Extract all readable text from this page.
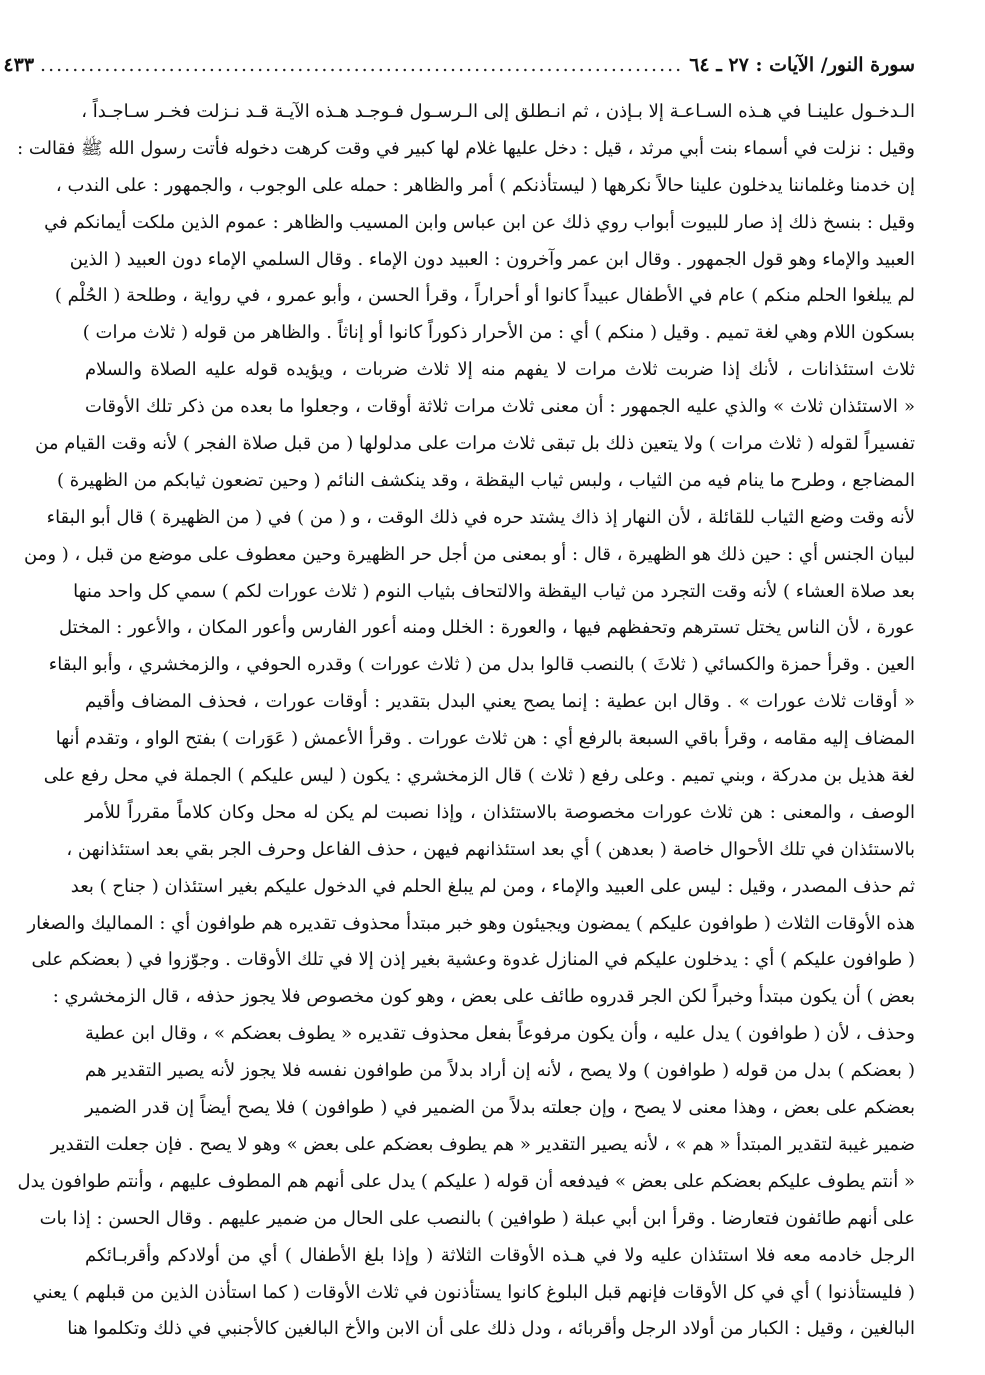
سورة النور/ الآيات : ٢٧ ـ ٦٤
................................................................................
٤٣٣
الـدخـول علينـا في هـذه السـاعـة إلا بـإذن ، ثم انـطلق إلى الـرسـول فـوجـد هـذه الآيـة قـد نـزلت فخـر سـاجـداً ،
وقيل : نزلت في أسماء بنت أبي مرثد ، قيل : دخل عليها غلام لها كبير في وقت كرهت دخوله فأتت رسول الله ﷺ فقالت :
إن خدمنا وغلماننا يدخلون علينا حالاً نكرهها ( ليستأذنكم ) أمر والظاهر : حمله على الوجوب ، والجمهور : على الندب ،
وقيل : بنسخ ذلك إذ صار للبيوت أبواب روي ذلك عن ابن عباس وابن المسيب والظاهر : عموم الذين ملكت أيمانكم في
العبيد والإماء وهو قول الجمهور . وقال ابن عمر وآخرون : العبيد دون الإماء . وقال السلمي الإماء دون العبيد ( الذين
لم يبلغوا الحلم منكم ) عام في الأطفال عبيداً كانوا أو أحراراً ، وقرأ الحسن ، وأبو عمرو ، في رواية ، وطلحة ( الحُلْم )
بسكون اللام وهي لغة تميم . وقيل ( منكم ) أي : من الأحرار ذكوراً كانوا أو إناثاً . والظاهر من قوله ( ثلاث مرات )
ثلاث استئذانات ، لأنك إذا ضربت ثلاث مرات لا يفهم منه إلا ثلاث ضربات ، ويؤيده قوله عليه الصلاة والسلام
« الاستئذان ثلاث » والذي عليه الجمهور : أن معنى ثلاث مرات ثلاثة أوقات ، وجعلوا ما بعده من ذكر تلك الأوقات
تفسيراً لقوله ( ثلاث مرات ) ولا يتعين ذلك بل تبقى ثلاث مرات على مدلولها ( من قبل صلاة الفجر ) لأنه وقت القيام من
المضاجع ، وطرح ما ينام فيه من الثياب ، ولبس ثياب اليقظة ، وقد ينكشف النائم ( وحين تضعون ثيابكم من الظهيرة )
لأنه وقت وضع الثياب للقائلة ، لأن النهار إذ ذاك يشتد حره في ذلك الوقت ، و ( من ) في ( من الظهيرة ) قال أبو البقاء
لبيان الجنس أي : حين ذلك هو الظهيرة ، قال : أو بمعنى من أجل حر الظهيرة وحين معطوف على موضع من قبل ، ( ومن
بعد صلاة العشاء ) لأنه وقت التجرد من ثياب اليقظة والالتحاف بثياب النوم ( ثلاث عورات لكم ) سمي كل واحد منها
عورة ، لأن الناس يختل تسترهم وتحفظهم فيها ، والعورة : الخلل ومنه أعور الفارس وأعور المكان ، والأعور : المختل
العين . وقرأ حمزة والكسائي ( ثلاثَ ) بالنصب قالوا بدل من ( ثلاث عورات ) وقدره الحوفي ، والزمخشري ، وأبو البقاء
« أوقات ثلاث عورات » . وقال ابن عطية : إنما يصح يعني البدل بتقدير : أوقات عورات ، فحذف المضاف وأقيم
المضاف إليه مقامه ، وقرأ باقي السبعة بالرفع أي : هن ثلاث عورات . وقرأ الأعمش ( عَوَرات ) بفتح الواو ، وتقدم أنها
لغة هذيل بن مدركة ، وبني تميم . وعلى رفع ( ثلاث ) قال الزمخشري : يكون ( ليس عليكم ) الجملة في محل رفع على
الوصف ، والمعنى : هن ثلاث عورات مخصوصة بالاستئذان ، وإذا نصبت لم يكن له محل وكان كلاماً مقرراً للأمر
بالاستئذان في تلك الأحوال خاصة ( بعدهن ) أي بعد استئذانهم فيهن ، حذف الفاعل وحرف الجر بقي بعد استئذانهن ،
ثم حذف المصدر ، وقيل : ليس على العبيد والإماء ، ومن لم يبلغ الحلم في الدخول عليكم بغير استئذان ( جناح ) بعد
هذه الأوقات الثلاث ( طوافون عليكم ) يمضون ويجيئون وهو خبر مبتدأ محذوف تقديره هم طوافون أي : المماليك والصغار
( طوافون عليكم ) أي : يدخلون عليكم في المنازل غدوة وعشية بغير إذن إلا في تلك الأوقات . وجوّزوا في ( بعضكم على
بعض ) أن يكون مبتدأ وخبراً لكن الجر قدروه طائف على بعض ، وهو كون مخصوص فلا يجوز حذفه ، قال الزمخشري :
وحذف ، لأن ( طوافون ) يدل عليه ، وأن يكون مرفوعاً بفعل محذوف تقديره « يطوف بعضكم » ، وقال ابن عطية
( بعضكم ) بدل من قوله ( طوافون ) ولا يصح ، لأنه إن أراد بدلاً من طوافون نفسه فلا يجوز لأنه يصير التقدير هم
بعضكم على بعض ، وهذا معنى لا يصح ، وإن جعلته بدلاً من الضمير في ( طوافون ) فلا يصح أيضاً إن قدر الضمير
ضمير غيبة لتقدير المبتدأ « هم » ، لأنه يصير التقدير « هم يطوف بعضكم على بعض » وهو لا يصح . فإن جعلت التقدير
« أنتم يطوف عليكم بعضكم على بعض » فيدفعه أن قوله ( عليكم ) يدل على أنهم هم المطوف عليهم ، وأنتم طوافون يدل
على أنهم طائفون فتعارضا . وقرأ ابن أبي عبلة ( طوافين ) بالنصب على الحال من ضمير عليهم . وقال الحسن : إذا بات
الرجل خادمه معه فلا استئذان عليه ولا في هـذه الأوقات الثلاثة ( وإذا بلغ الأطفال ) أي من أولادكم وأقربـائكم
( فليستأذنوا ) أي في كل الأوقات فإنهم قبل البلوغ كانوا يستأذنون في ثلاث الأوقات ( كما استأذن الذين من قبلهم ) يعني
البالغين ، وقيل : الكبار من أولاد الرجل وأقربائه ، ودل ذلك على أن الابن والأخ البالغين كالأجنبي في ذلك وتكلموا هنا
